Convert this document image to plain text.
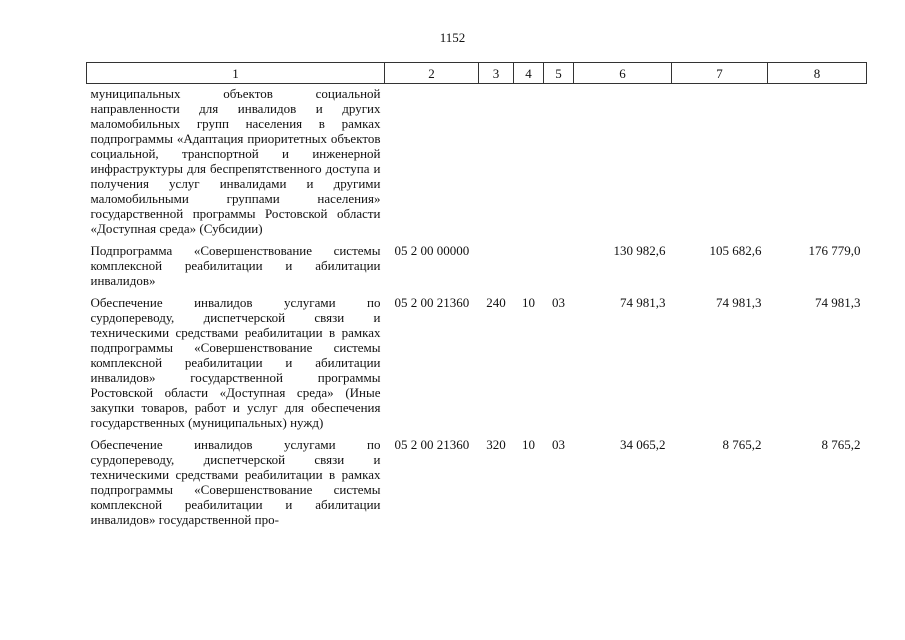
1152
1	2	3	4	5	6	7	8
муниципальных объектов социальной направленности для инвалидов и других маломобильных групп населения в рамках подпрограммы «Адаптация приоритетных объектов социальной, транспортной и инженерной инфраструктуры для беспрепятственного доступа и получения услуг инвалидами и другими маломобильными группами населения» государственной программы Ростовской области «Доступная среда» (Субсидии)							
Подпрограмма «Совершенствование системы комплексной реабилитации и абилитации инвалидов»	05 2 00 00000				130 982,6	105 682,6	176 779,0
Обеспечение инвалидов услугами по сурдопереводу, диспетчерской связи и техническими средствами реабилитации в рамках подпрограммы «Совершенствование системы комплексной реабилитации и абилитации инвалидов» государственной программы Ростовской области «Доступная среда» (Иные закупки товаров, работ и услуг для обеспечения государственных (муниципальных) нужд)	05 2 00 21360	240	10	03	74 981,3	74 981,3	74 981,3
Обеспечение инвалидов услугами по сурдопереводу, диспетчерской связи и техническими средствами реабилитации в рамках подпрограммы «Совершенствование системы комплексной реабилитации и абилитации инвалидов» государственной про-	05 2 00 21360	320	10	03	34 065,2	8 765,2	8 765,2
